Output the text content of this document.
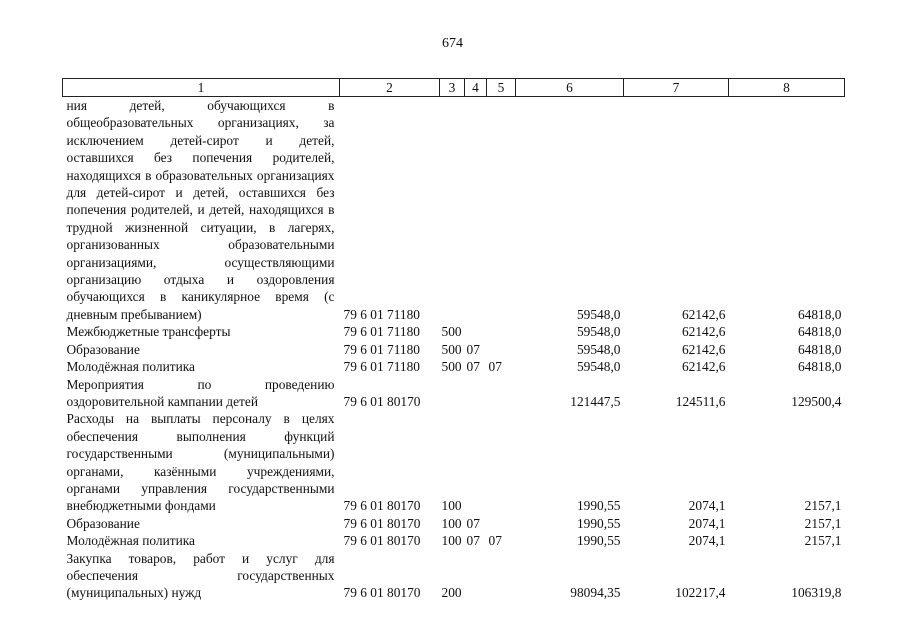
674
1	2	3	4	5	6	7	8
ния детей, обучающихся в общеобразовательных организациях, за исключением детей-сирот и детей, оставшихся без попечения родителей, находящихся в образовательных организациях для детей-сирот и детей, оставшихся без попечения родителей, и детей, находящихся в трудной жизненной ситуации, в лагерях, организованных образовательными организациями, осуществляющими организацию отдыха и оздоровления обучающихся в каникулярное время (с дневным пребыванием)	79 6 01 71180				59548,0	62142,6	64818,0
Межбюджетные трансферты	79 6 01 71180	500			59548,0	62142,6	64818,0
Образование	79 6 01 71180	500	07		59548,0	62142,6	64818,0
Молодёжная политика	79 6 01 71180	500	07	07	59548,0	62142,6	64818,0
Мероприятия по проведению оздоровительной кампании детей	79 6 01 80170				121447,5	124511,6	129500,4
Расходы на выплаты персоналу в целях обеспечения выполнения функций государственными (муниципальными) органами, казёнными учреждениями, органами управления государственными внебюджетными фондами	79 6 01 80170	100			1990,55	2074,1	2157,1
Образование	79 6 01 80170	100	07		1990,55	2074,1	2157,1
Молодёжная политика	79 6 01 80170	100	07	07	1990,55	2074,1	2157,1
Закупка товаров, работ и услуг для обеспечения государственных (муниципальных) нужд	79 6 01 80170	200			98094,35	102217,4	106319,8
